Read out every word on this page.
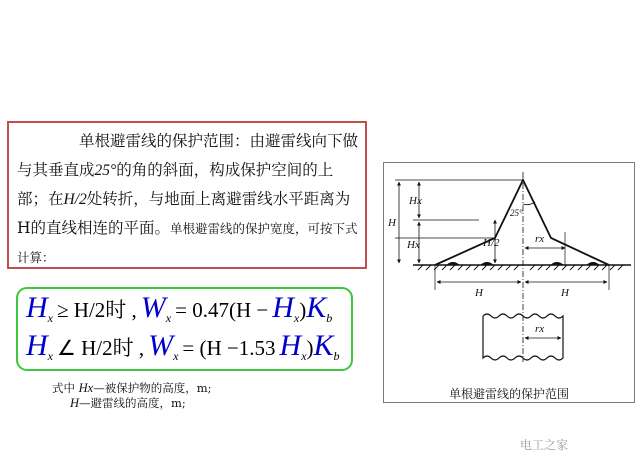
单根避雷线的保护范围：由避雷线向下做与其垂直成25°的角的斜面，构成保护空间的上部；在H/2处转折，与地面上离避雷线水平距离为H的直线相连的平面。单根避雷线的保护宽度，可按下式计算：

$H_x \ge H/2$时 , $W_x = 0.47(H - H_x)K_b$
$H_x$ ∠ H/2时 , $W_x = (H -1.53$ $H_x)K_b$
式中 Hx—被保护物的高度，m;
H—避雷线的高度，m;
Hx
H
Hx
25°
H/2	rx
H	H
rx
单根避雷线的保护范围
电工之家
